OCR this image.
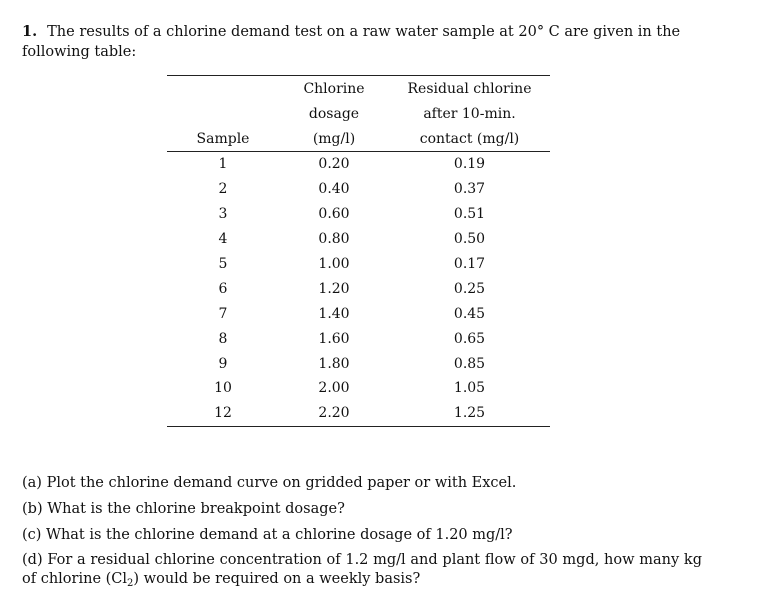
1. The results of a chlorine demand test on a raw water sample at 20° C are given in the following table:
	Chlorine	Residual chlorine
	dosage	after 10-min.
Sample	(mg/l)	contact (mg/l)
1	0.20	0.19
2	0.40	0.37
3	0.60	0.51
4	0.80	0.50
5	1.00	0.17
6	1.20	0.25
7	1.40	0.45
8	1.60	0.65
9	1.80	0.85
10	2.00	1.05
12	2.20	1.25
(a) Plot the chlorine demand curve on gridded paper or with Excel.
(b) What is the chlorine breakpoint dosage?
(c) What is the chlorine demand at a chlorine dosage of 1.20 mg/l?
(d) For a residual chlorine concentration of 1.2 mg/l and plant flow of 30 mgd, how many kg of chlorine $(Cl_2)$ would be required on a weekly basis?
